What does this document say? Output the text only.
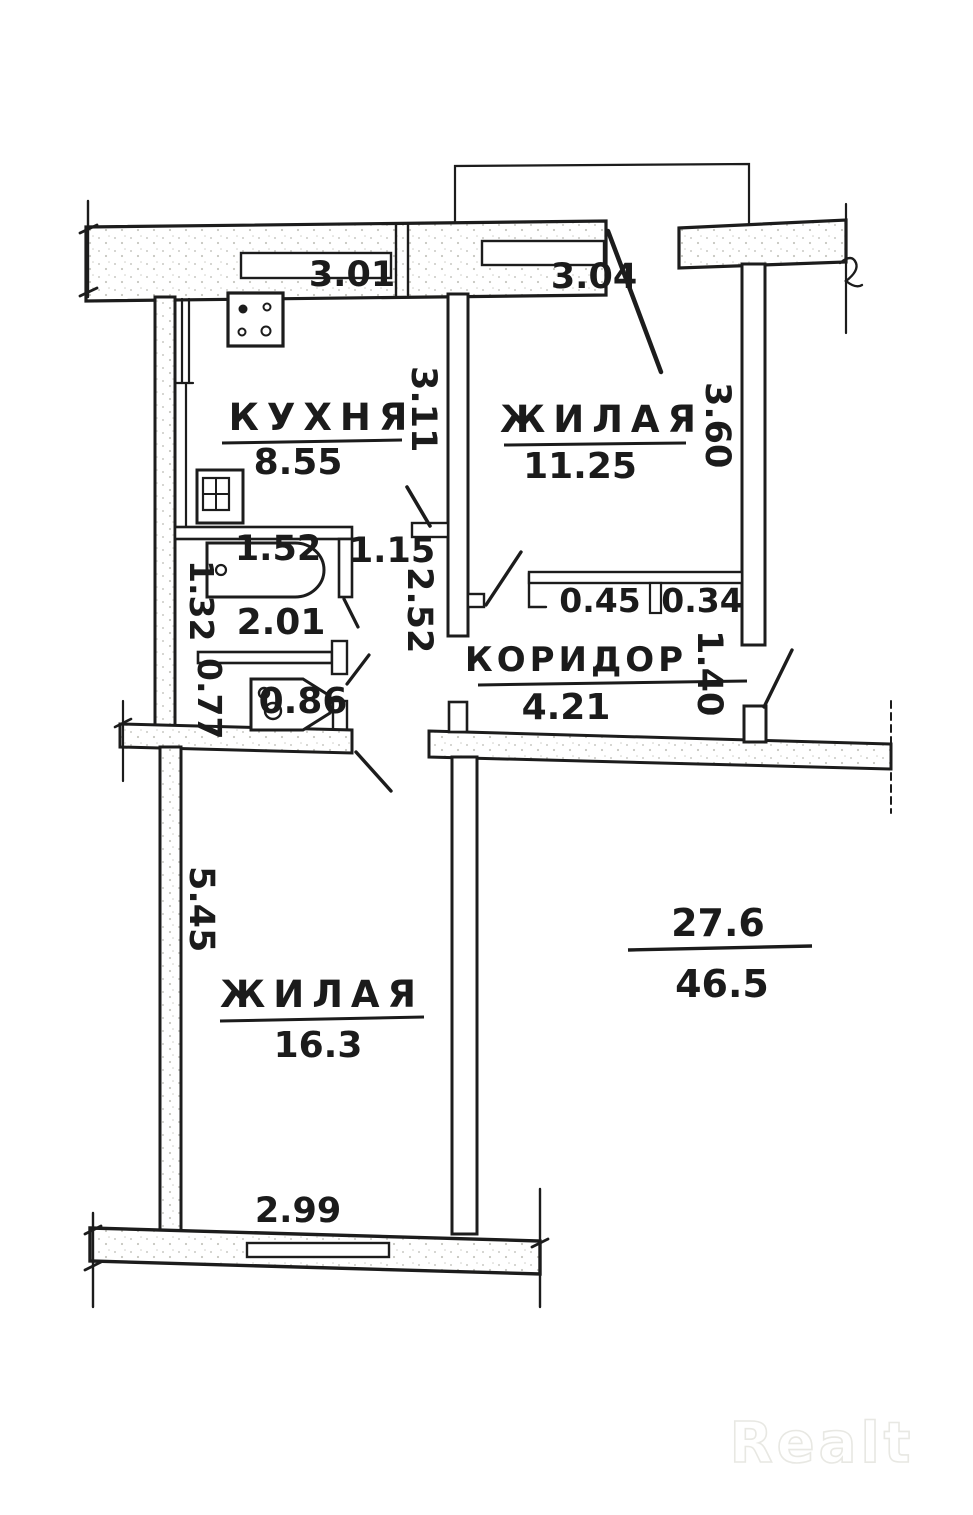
3.01	3.04
1.52 1.15
0.45 0.34
2.99
3.11	3.60
2.52
1.32
0.77	1.40
5.45
КУХНЯ
8.55
ЖИЛАЯ
11.25
КОРИДОР
4.21
ЖИЛАЯ
16.3
2.01
0.86
27.6
46.5
Realt
